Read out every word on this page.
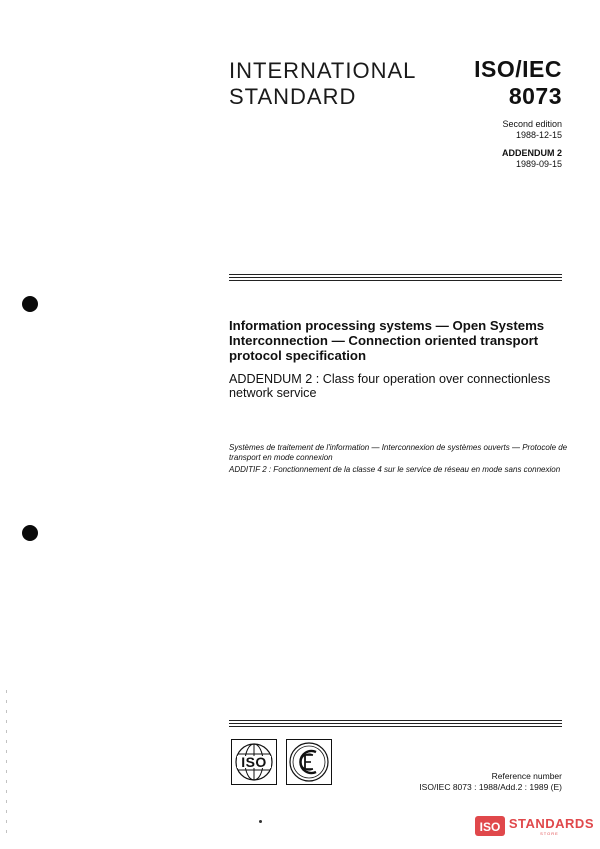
INTERNATIONAL
STANDARD
ISO/IEC
8073
Second edition
1988-12-15
ADDENDUM 2
1989-09-15
Information processing systems — Open Systems Interconnection — Connection oriented transport protocol specification
ADDENDUM 2 : Class four operation over connectionless network service
Systèmes de traitement de l'information — Interconnexion de systèmes ouverts — Protocole de transport en mode connexion
ADDITIF 2 : Fonctionnement de la classe 4 sur le service de réseau en mode sans connexion
ISO
Reference number
ISO/IEC 8073 : 1988/Add.2 : 1989 (E)
ISO STANDARDS
STORE
